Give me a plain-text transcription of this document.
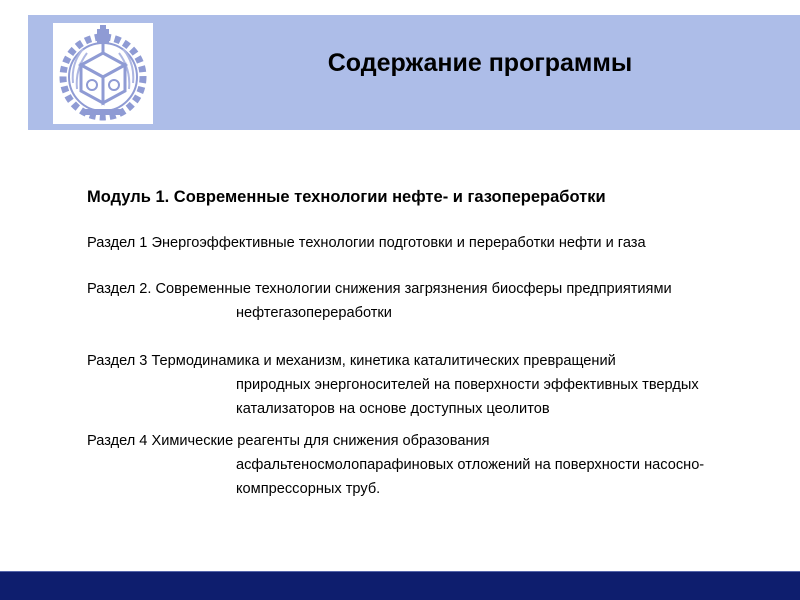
Содержание программы
Модуль 1. Современные технологии нефте- и газопереработки
Раздел 1 Энергоэффективные технологии подготовки и переработки нефти и газа
Раздел 2. Современные технологии снижения загрязнения биосферы предприятиями
нефтегазопереработки
Раздел 3 Термодинамика и механизм, кинетика каталитических превращений
природных энергоносителей на поверхности эффективных твердых
катализаторов на основе доступных цеолитов
Раздел 4 Химические реагенты для снижения образования
асфальтеносмолопарафиновых отложений на поверхности насосно-
компрессорных труб.
